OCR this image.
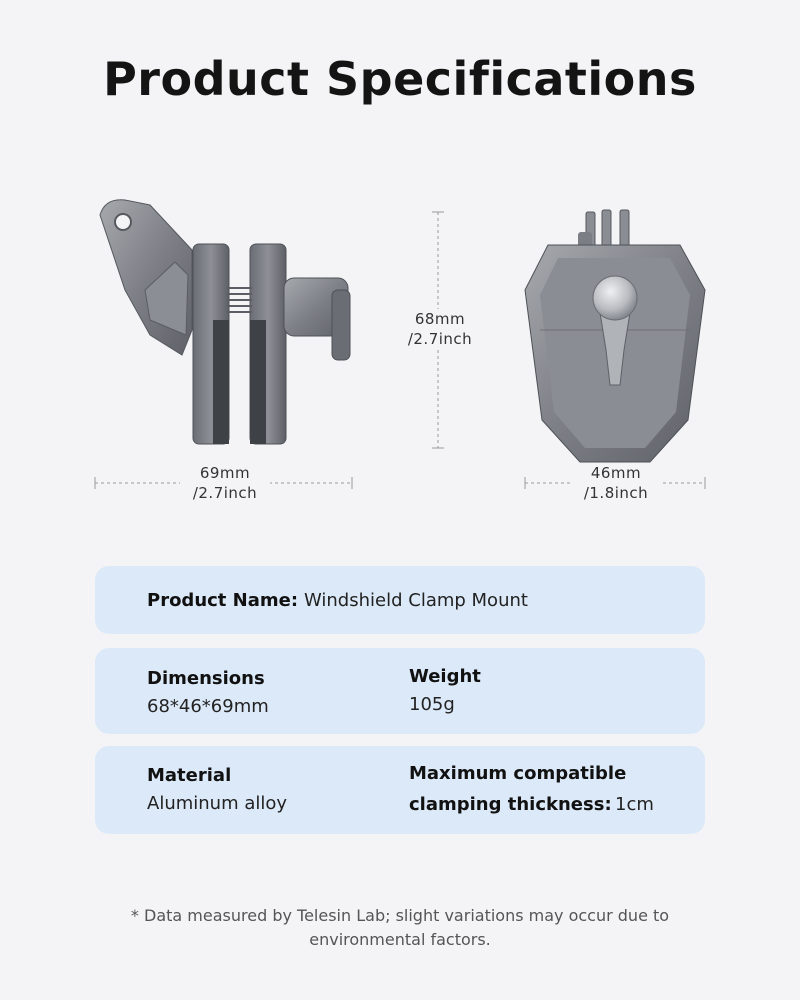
Product Specifications
69mm
/2.7inch
68mm
/2.7inch
46mm
/1.8inch
Product Name: Windshield Clamp Mount
Dimensions
68*46*69mm
Weight
105g
Material
Aluminum alloy
Maximum compatible
clamping thickness: 1cm
* Data measured by Telesin Lab; slight variations may occur due to
environmental factors.
